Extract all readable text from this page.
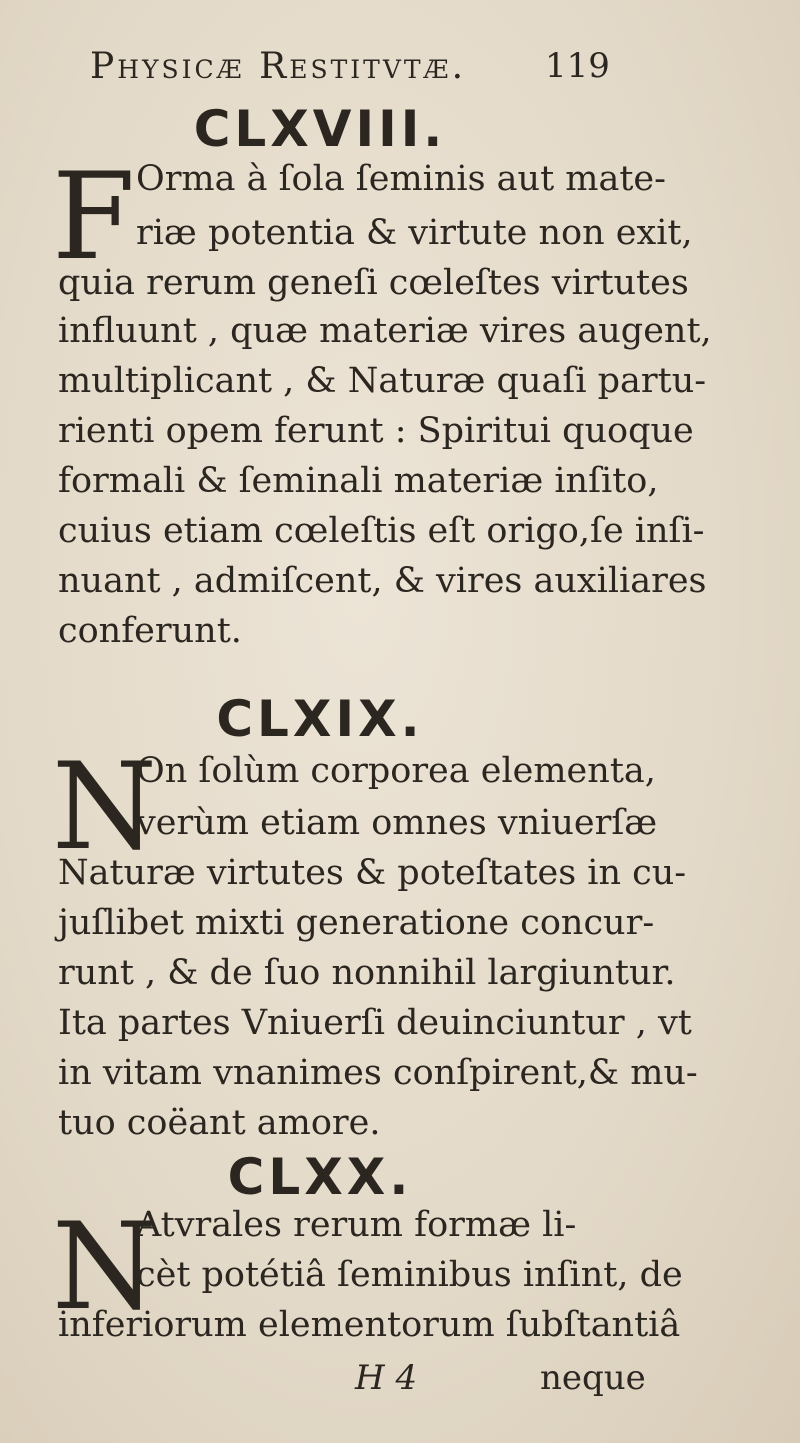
Physicæ Restitvtæ. 119
CLXVIII.
F Orma à ſola ſeminis aut mate-
riæ potentia & virtute non exit,
quia rerum geneſi cœleſtes virtutes
influunt , quæ materiæ vires augent,
multiplicant , & Naturæ quaſi partu-
rienti opem ferunt : Spiritui quoque
formali & ſeminali materiæ inſito,
cuius etiam cœleſtis eſt origo,ſe inſi-
nuant , admiſcent, & vires auxiliares
conferunt.
CLXIX.
N
On ſolùm corporea elementa,
verùm etiam omnes vniuerſæ
Naturæ virtutes & poteſtates in cu-
juſlibet mixti generatione concur-
runt , & de ſuo nonnihil largiuntur.
Ita partes Vniuerſi deuinciuntur , vt
in vitam vnanimes conſpirent,& mu-
tuo coëant amore.
CLXX.
N
Atvrales rerum formæ li-
cèt potétiâ ſeminibus inſint, de
inferiorum elementorum ſubſtantiâ
H 4	neque
